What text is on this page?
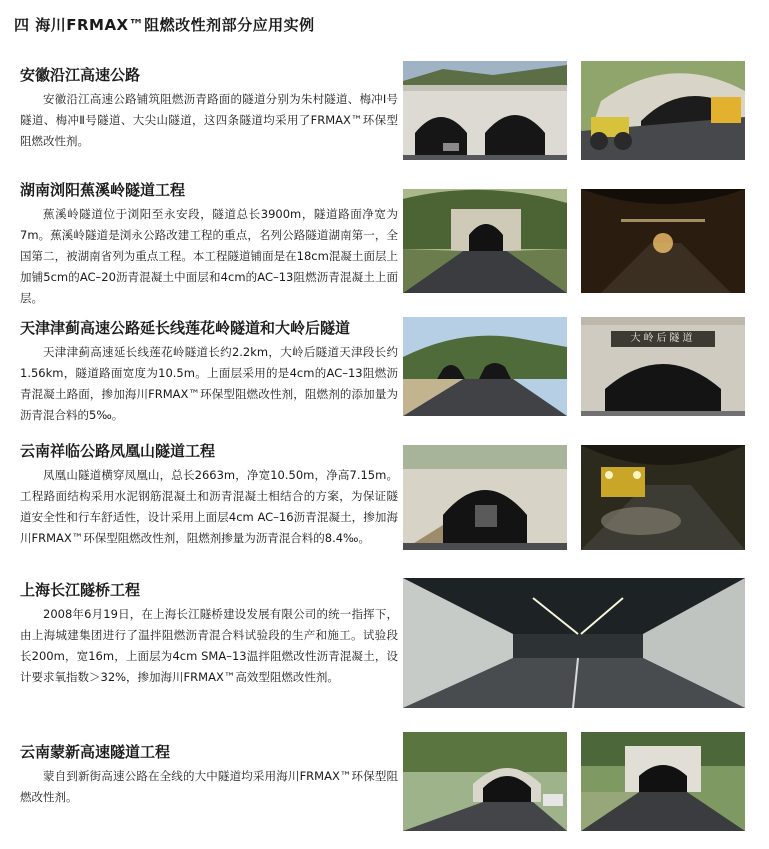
四 海川FRMAX™阻燃改性剂部分应用实例
安徽沿江高速公路

安徽沿江高速公路铺筑阻燃沥青路面的隧道分别为朱村隧道、梅冲Ⅰ号隧道、梅冲Ⅱ号隧道、大尖山隧道，这四条隧道均采用了FRMAX™环保型阻燃改性剂。

湖南浏阳蕉溪岭隧道工程

蕉溪岭隧道位于浏阳至永安段，隧道总长3900m，隧道路面净宽为7m。蕉溪岭隧道是浏永公路改建工程的重点，名列公路隧道湖南第一，全国第二，被湖南省列为重点工程。本工程隧道铺面是在18cm混凝土面层上加铺5cm的AC–20沥青混凝土中面层和4cm的AC–13阻燃沥青混凝土上面层。

天津津蓟高速公路延长线莲花岭隧道和大岭后隧道

天津津蓟高速延长线莲花岭隧道长约2.2km，大岭后隧道天津段长约1.56km，隧道路面宽度为10.5m。上面层采用的是4cm的AC–13阻燃沥青混凝土路面，掺加海川FRMAX™环保型阻燃改性剂，阻燃剂的添加量为沥青混合料的5‰。

云南祥临公路凤凰山隧道工程

凤凰山隧道横穿凤凰山，总长2663m，净宽10.50m，净高7.15m。工程路面结构采用水泥钢筋混凝土和沥青混凝土相结合的方案，为保证隧道安全性和行车舒适性，设计采用上面层4cm AC–16沥青混凝土，掺加海川FRMAX™环保型阻燃改性剂，阻燃剂掺量为沥青混合料的8.4‰。

上海长江隧桥工程

2008年6月19日，在上海长江隧桥建设发展有限公司的统一指挥下，由上海城建集团进行了温拌阻燃沥青混合料试验段的生产和施工。试验段长200m，宽16m，上面层为4cm SMA–13温拌阻燃改性沥青混凝土，设计要求氧指数＞32%，掺加海川FRMAX™高效型阻燃改性剂。

云南蒙新高速隧道工程

蒙自到新街高速公路在全线的大中隧道均采用海川FRMAX™环保型阻燃改性剂。

大岭后隧道
